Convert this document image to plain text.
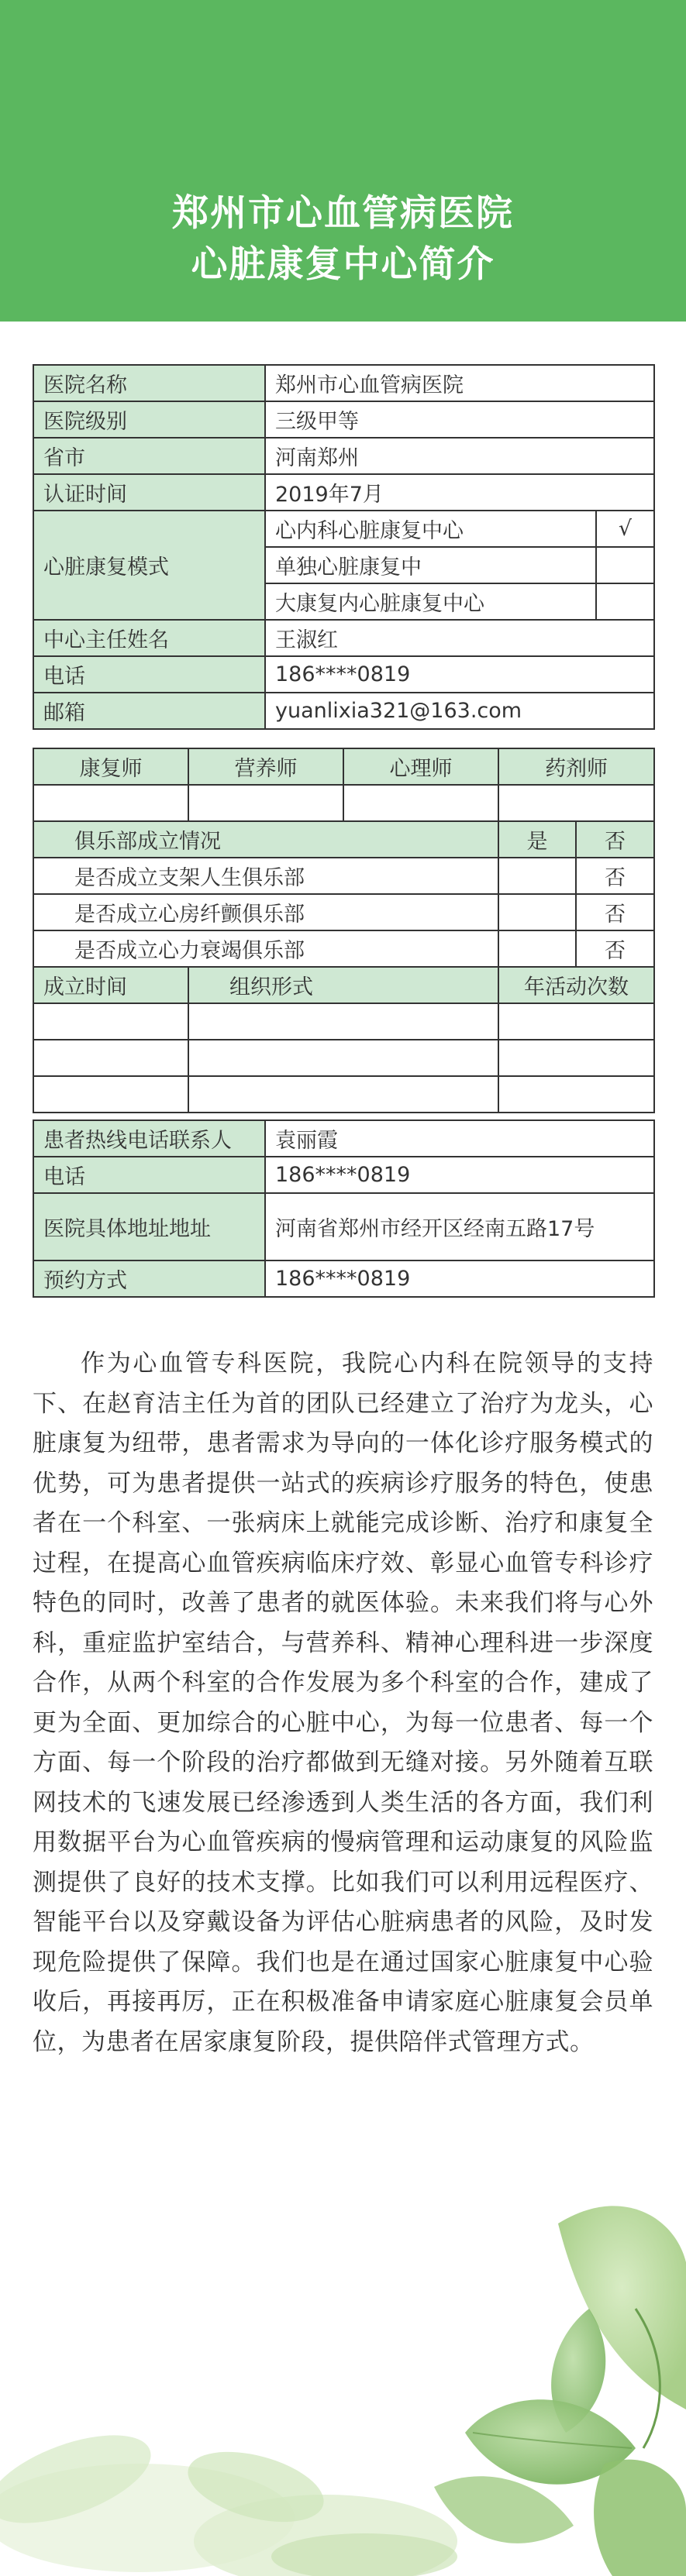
郑州市心血管病医院
心脏康复中心简介
医院名称	郑州市心血管病医院	
医院级别	三级甲等	
省市	河南郑州	
认证时间	2019年7月	
心脏康复模式	心内科心脏康复中心	√
	单独心脏康复中	
	大康复内心脏康复中心	
中心主任姓名	王淑红	
电话	186****0819	
邮箱	yuanlixia321@163.com	
康复师	营养师	心理师	药剂师

俱乐部成立情况	是	否
是否成立支架人生俱乐部		否
是否成立心房纤颤俱乐部		否
是否成立心力衰竭俱乐部		否
成立时间	组织形式	年活动次数

患者热线电话联系人	袁丽霞
电话	186****0819
医院具体地址地址	河南省郑州市经开区经南五路17号
预约方式	186****0819

作为心血管专科医院，我院心内科在院领导的支持下、在赵育洁主任为首的团队已经建立了治疗为龙头，心脏康复为纽带，患者需求为导向的一体化诊疗服务模式的优势，可为患者提供一站式的疾病诊疗服务的特色，使患者在一个科室、一张病床上就能完成诊断、治疗和康复全过程，在提高心血管疾病临床疗效、彰显心血管专科诊疗特色的同时，改善了患者的就医体验。未来我们将与心外科，重症监护室结合，与营养科、精神心理科进一步深度合作，从两个科室的合作发展为多个科室的合作，建成了更为全面、更加综合的心脏中心，为每一位患者、每一个方面、每一个阶段的治疗都做到无缝对接。另外随着互联网技术的飞速发展已经渗透到人类生活的各方面，我们利用数据平台为心血管疾病的慢病管理和运动康复的风险监测提供了良好的技术支撑。比如我们可以利用远程医疗、智能平台以及穿戴设备为评估心脏病患者的风险，及时发现危险提供了保障。我们也是在通过国家心脏康复中心验收后，再接再厉，正在积极准备申请家庭心脏康复会员单位，为患者在居家康复阶段，提供陪伴式管理方式。
